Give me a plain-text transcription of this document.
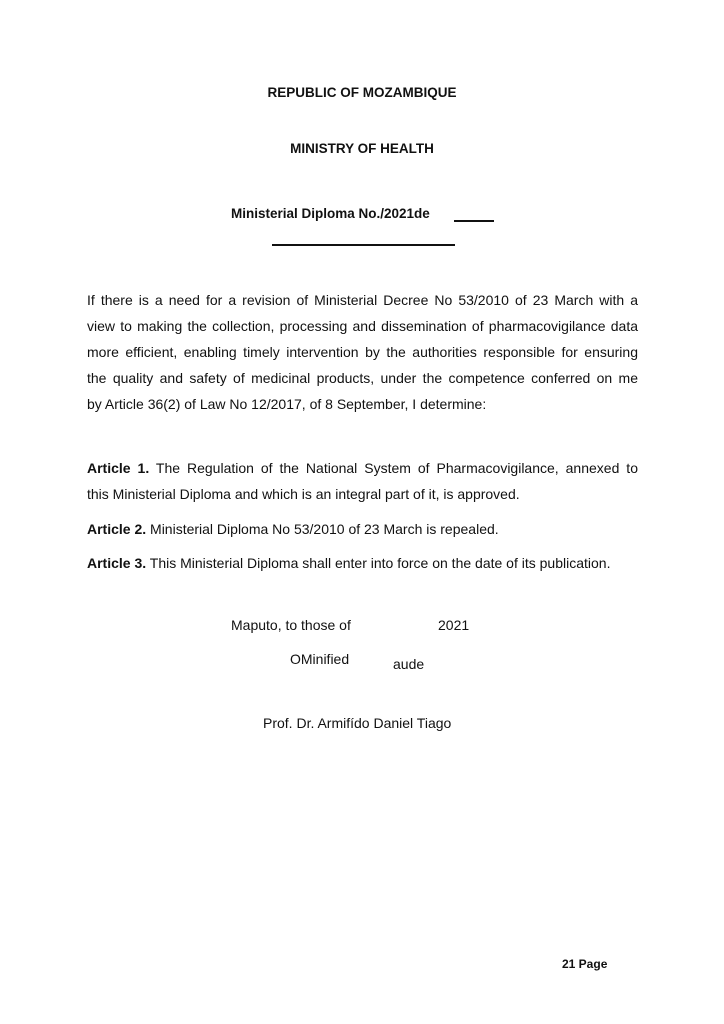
REPUBLIC OF MOZAMBIQUE
MINISTRY OF HEALTH
Ministerial Diploma No./2021de
If there is a need for a revision of Ministerial Decree No 53/2010 of 23 March with a
view to making the collection, processing and dissemination of pharmacovigilance data
more efficient, enabling timely intervention by the authorities responsible for ensuring
the quality and safety of medicinal products, under the competence conferred on me
by Article 36(2) of Law No 12/2017, of 8 September, I determine:
Article 1. The Regulation of the National System of Pharmacovigilance, annexed to
this Ministerial Diploma and which is an integral part of it, is approved.
Article 2. Ministerial Diploma No 53/2010 of 23 March is repealed.
Article 3. This Ministerial Diploma shall enter into force on the date of its publication.
Maputo, to those of	2021
OMinified	aude
Prof. Dr. Armifído Daniel Tiago
21 Page
